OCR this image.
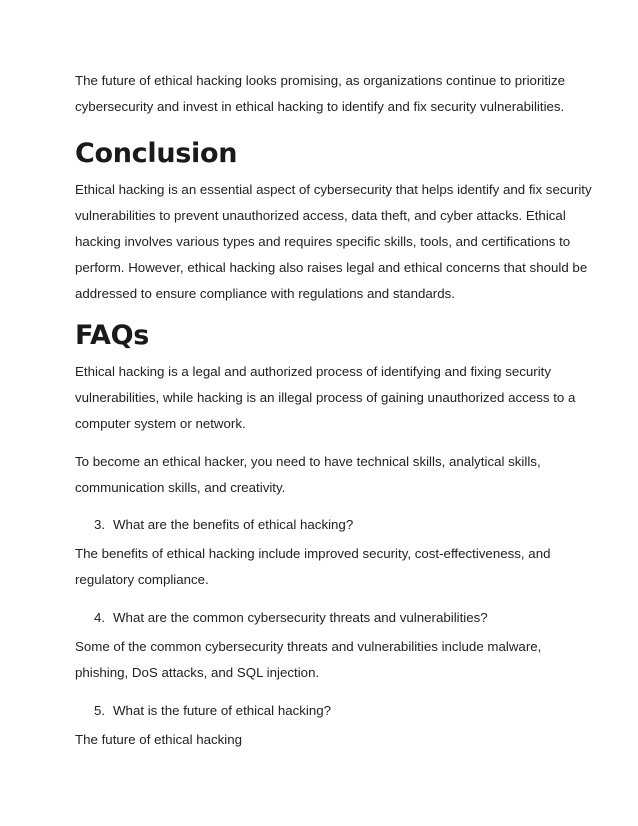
The future of ethical hacking looks promising, as organizations continue to prioritize
cybersecurity and invest in ethical hacking to identify and fix security vulnerabilities.
Conclusion
Ethical hacking is an essential aspect of cybersecurity that helps identify and fix security
vulnerabilities to prevent unauthorized access, data theft, and cyber attacks. Ethical
hacking involves various types and requires specific skills, tools, and certifications to
perform. However, ethical hacking also raises legal and ethical concerns that should be
addressed to ensure compliance with regulations and standards.
FAQs
Ethical hacking is a legal and authorized process of identifying and fixing security
vulnerabilities, while hacking is an illegal process of gaining unauthorized access to a
computer system or network.
To become an ethical hacker, you need to have technical skills, analytical skills,
communication skills, and creativity.
3. What are the benefits of ethical hacking?
The benefits of ethical hacking include improved security, cost-effectiveness, and
regulatory compliance.
4. What are the common cybersecurity threats and vulnerabilities?
Some of the common cybersecurity threats and vulnerabilities include malware,
phishing, DoS attacks, and SQL injection.
5. What is the future of ethical hacking?
The future of ethical hacking
